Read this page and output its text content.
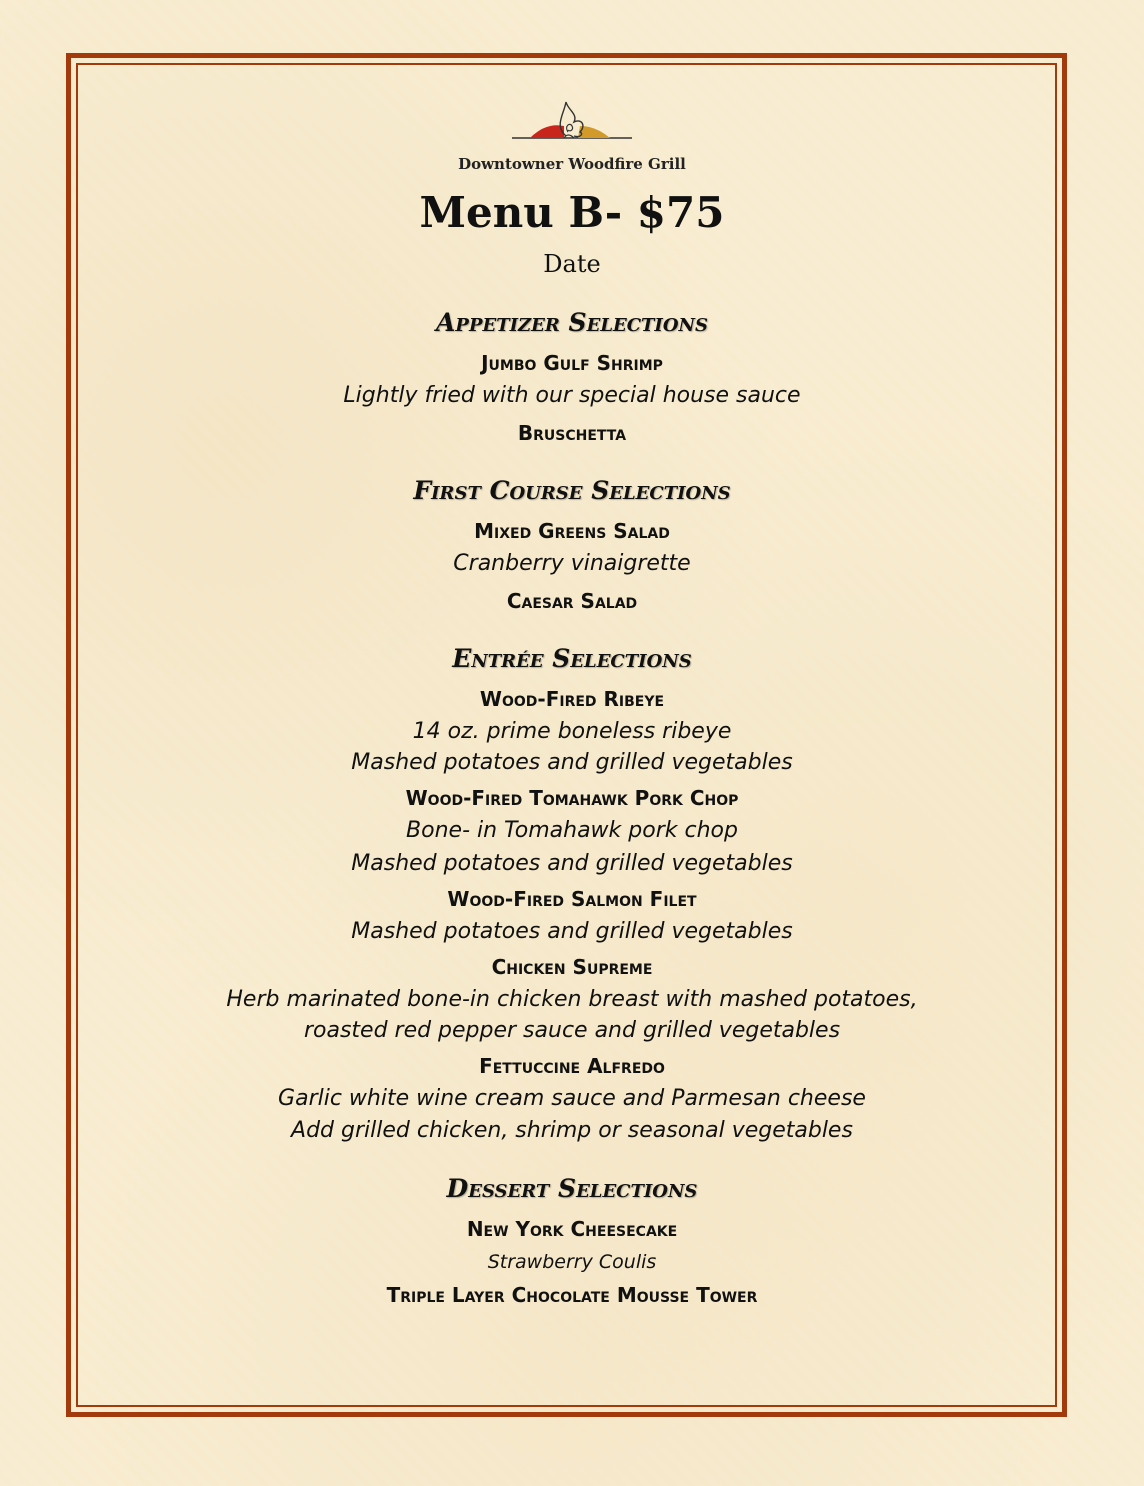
Downtowner Woodfire Grill
Menu B- $75
Date
Appetizer Selections
Jumbo Gulf Shrimp
Lightly fried with our special house sauce
Bruschetta
First Course Selections
Mixed Greens Salad
Cranberry vinaigrette
Caesar Salad
Entrée Selections
Wood-Fired Ribeye
14 oz. prime boneless ribeye
Mashed potatoes and grilled vegetables
Wood-Fired Tomahawk Pork Chop
Bone- in Tomahawk pork chop
Mashed potatoes and grilled vegetables
Wood-Fired Salmon Filet
Mashed potatoes and grilled vegetables
Chicken Supreme
Herb marinated bone-in chicken breast with mashed potatoes,
roasted red pepper sauce and grilled vegetables
Fettuccine Alfredo
Garlic white wine cream sauce and Parmesan cheese
Add grilled chicken, shrimp or seasonal vegetables
Dessert Selections
New York Cheesecake
Strawberry Coulis
Triple Layer Chocolate Mousse Tower
